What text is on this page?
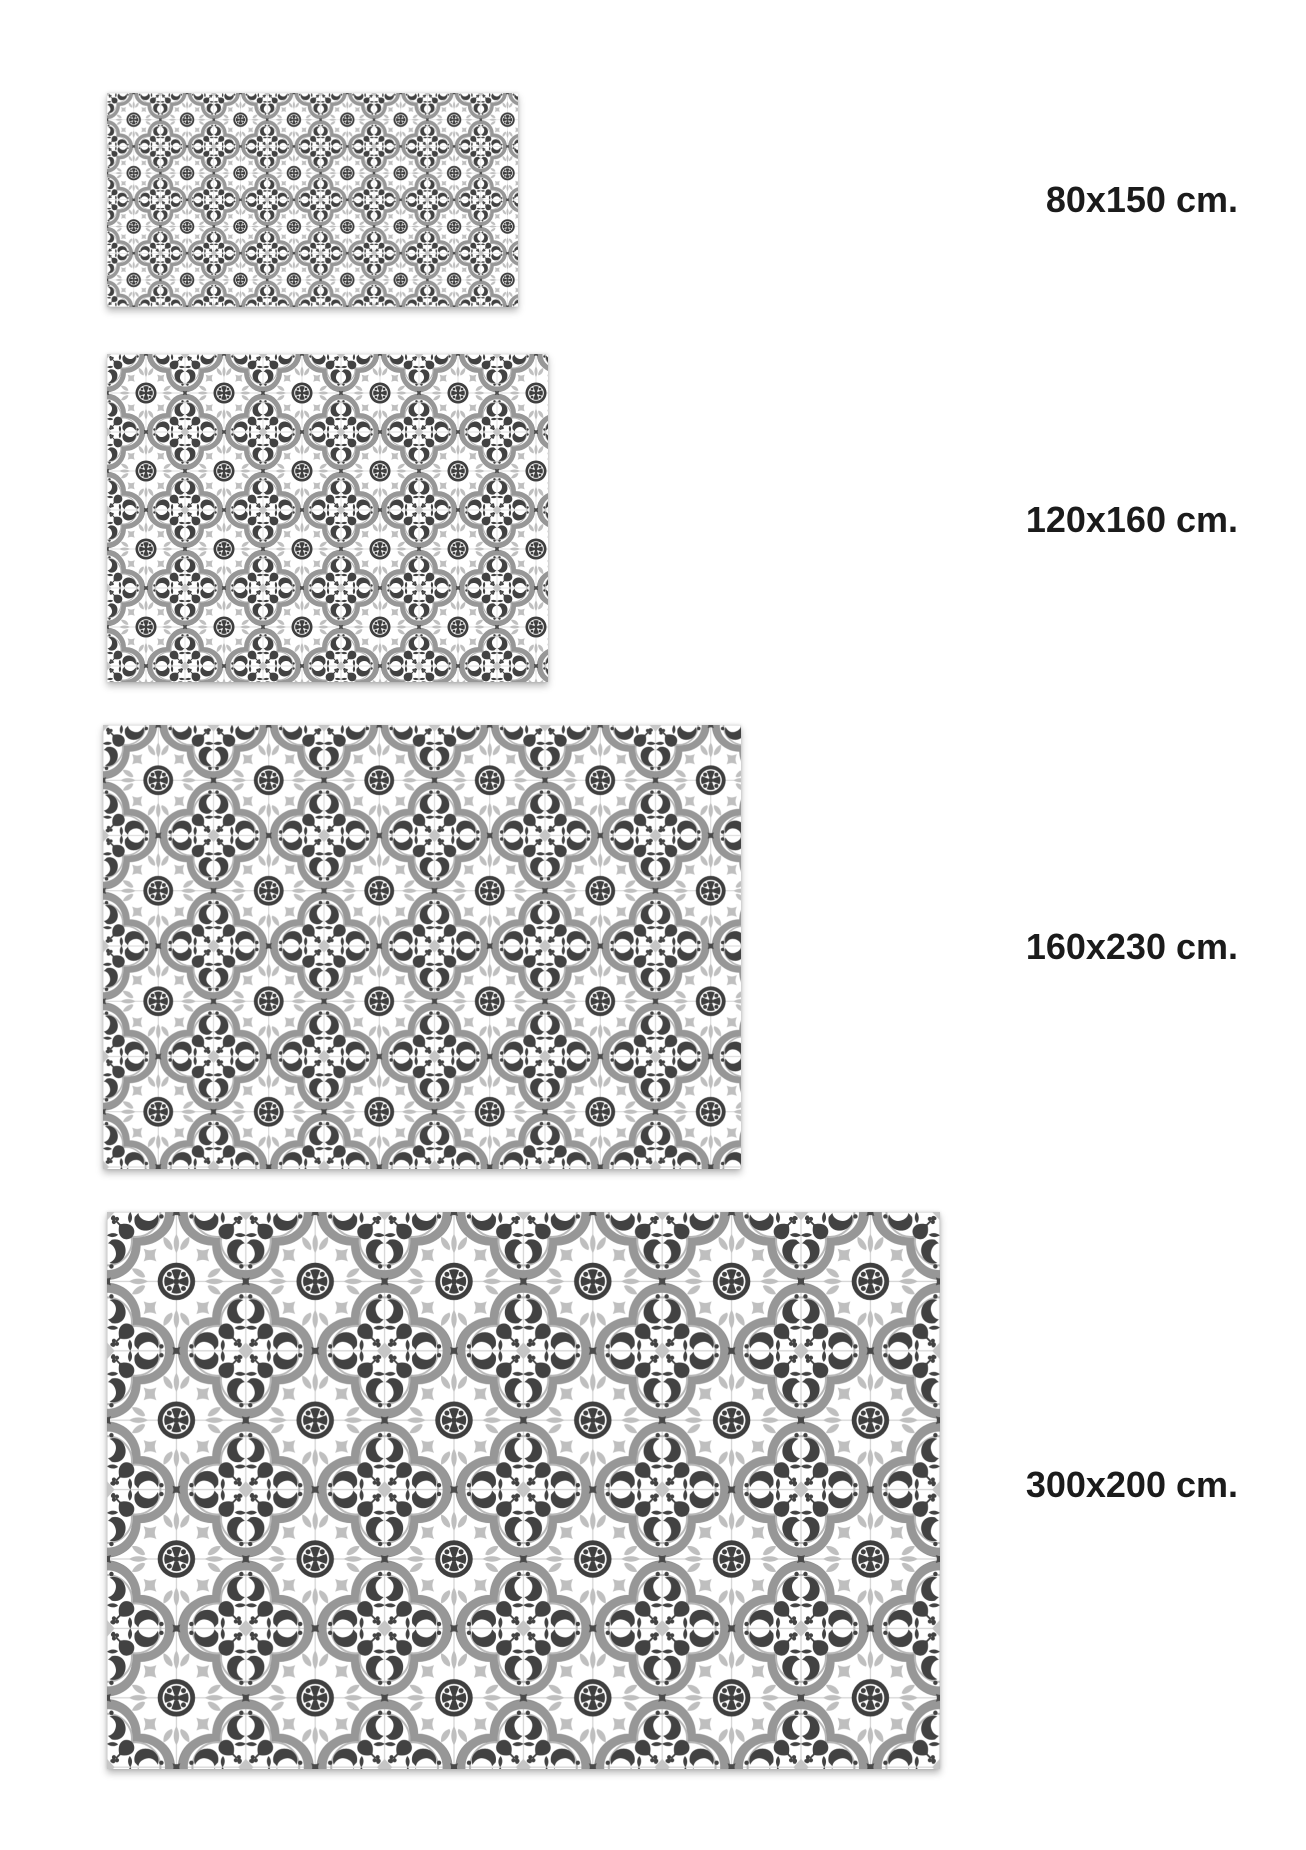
80x150 cm.
120x160 cm.
160x230 cm.
300x200 cm.
